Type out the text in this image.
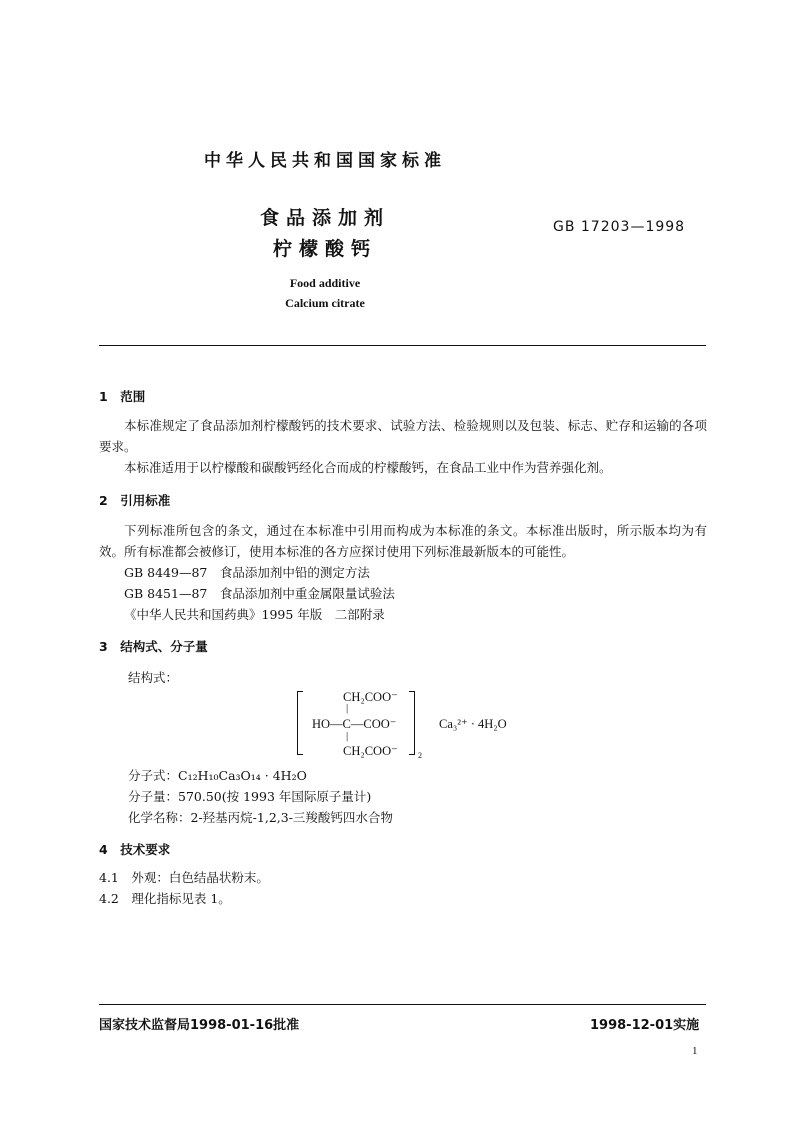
中华人民共和国国家标准
食品添加剂
柠檬酸钙
GB 17203—1998
Food additive
Calcium citrate
1　范围
本标准规定了食品添加剂柠檬酸钙的技术要求、试验方法、检验规则以及包装、标志、贮存和运输的各项要求。
本标准适用于以柠檬酸和碳酸钙经化合而成的柠檬酸钙，在食品工业中作为营养强化剂。
2　引用标准
下列标准所包含的条文，通过在本标准中引用而构成为本标准的条文。本标准出版时，所示版本均为有效。所有标准都会被修订，使用本标准的各方应探讨使用下列标准最新版本的可能性。
GB 8449—87　食品添加剂中铅的测定方法
GB 8451—87　食品添加剂中重金属限量试验法
《中华人民共和国药典》1995 年版　二部附录
3　结构式、分子量
结构式：
CH₂COO⁻
|
HO—C—COO⁻
|
CH₂COO⁻	2
Ca₃²⁺ · 4H₂O
分子式：C₁₂H₁₀Ca₃O₁₄ · 4H₂O
分子量：570.50(按 1993 年国际原子量计)
化学名称：2-羟基丙烷-1,2,3-三羧酸钙四水合物
4　技术要求
4.1　外观：白色结晶状粉末。
4.2　理化指标见表 1。
国家技术监督局1998-01-16批准	1998-12-01实施
1
